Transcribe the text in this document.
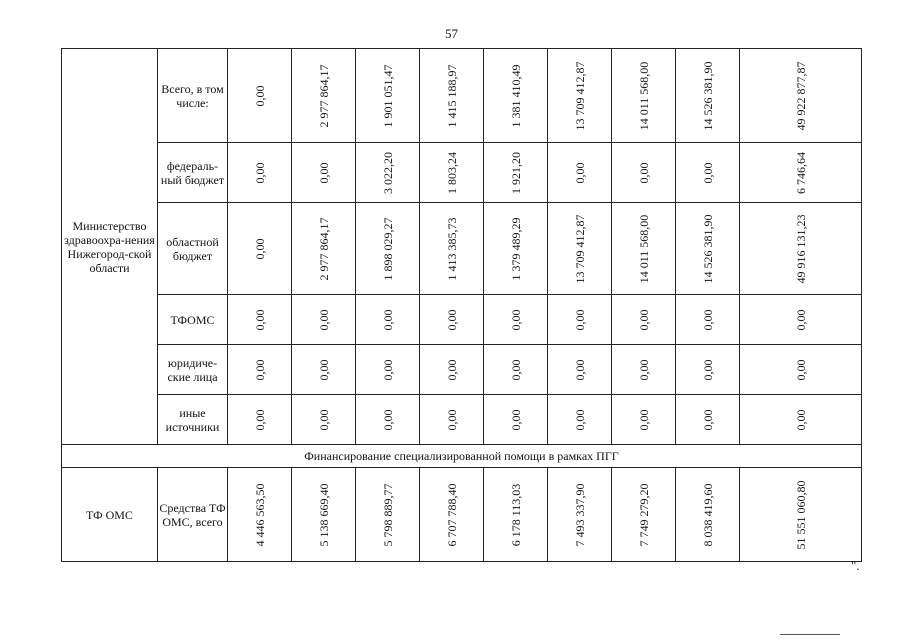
57
Министерство здравоохра-нения Нижегород-ской области	Всего, в том числе:	0,00	2 977 864,17	1 901 051,47	1 415 188,97	1 381 410,49	13 709 412,87	14 011 568,00	14 526 381,90	49 922 877,87

	федераль-ный бюджет	0,00	0,00	3 022,20	1 803,24	1 921,20	0,00	0,00	0,00	6 746,64

	областной бюджет	0,00	2 977 864,17	1 898 029,27	1 413 385,73	1 379 489,29	13 709 412,87	14 011 568,00	14 526 381,90	49 916 131,23

	ТФОМС	0,00	0,00	0,00	0,00	0,00	0,00	0,00	0,00	0,00

	юридиче-ские лица	0,00	0,00	0,00	0,00	0,00	0,00	0,00	0,00	0,00

	иные источники	0,00	0,00	0,00	0,00	0,00	0,00	0,00	0,00	0,00

Финансирование специализированной помощи в рамках ПГГ										
ТФ ОМС	Средства ТФ ОМС, всего	4 446 563,50	5 138 669,40	5 798 889,77	6 707 788,40	6 178 113,03	7 493 337,90	7 749 279,20	8 038 419,60	51 551 060,80
".
